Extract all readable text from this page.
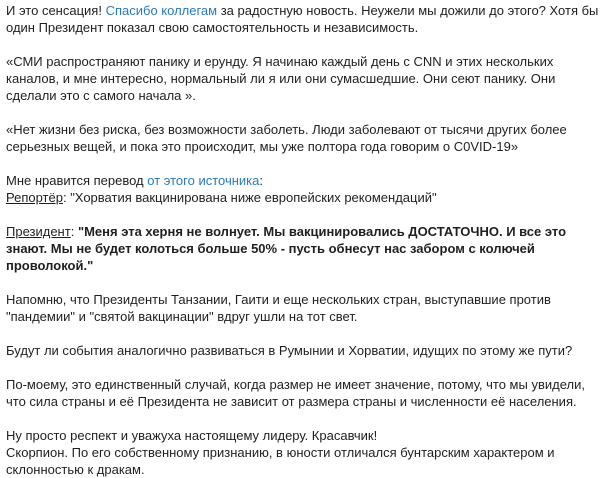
И это сенсация! Спасибо коллегам за радостную новость. Неужели мы дожили до этого? Хотя бы один Президент показал свою самостоятельность и независимость.

«СМИ распространяют панику и ерунду. Я начинаю каждый день с CNN и этих нескольких каналов, и мне интересно, нормальный ли я или они сумасшедшие. Они сеют панику. Они сделали это с самого начала ».

«Нет жизни без риска, без возможности заболеть. Люди заболевают от тысячи других более серьезных вещей, и пока это происходит, мы уже полтора года говорим о C0VID-19»

Мне нравится перевод от этого источника:

Репортёр: "Хорватия вакцинирована ниже европейских рекомендаций"

Президент: "Меня эта херня не волнует. Мы вакцинировались ДОСТАТОЧНО. И все это знают. Мы не будет колоться больше 50% - пусть обнесут нас забором с колючей проволокой."

Напомню, что Президенты Танзании, Гаити и еще нескольких стран, выступавшие против "пандемии" и "святой вакцинации" вдруг ушли на тот свет.

Будут ли события аналогично развиваться в Румынии и Хорватии, идущих по этому же пути?

По-моему, это единственный случай, когда размер не имеет значение, потому, что мы увидели, что сила страны и её Президента не зависит от размера страны и численности её населения.

Ну просто респект и уважуха настоящему лидеру. Красавчик!

Скорпион. По его собственному признанию, в юности отличался бунтарским характером и склонностью к дракам.
